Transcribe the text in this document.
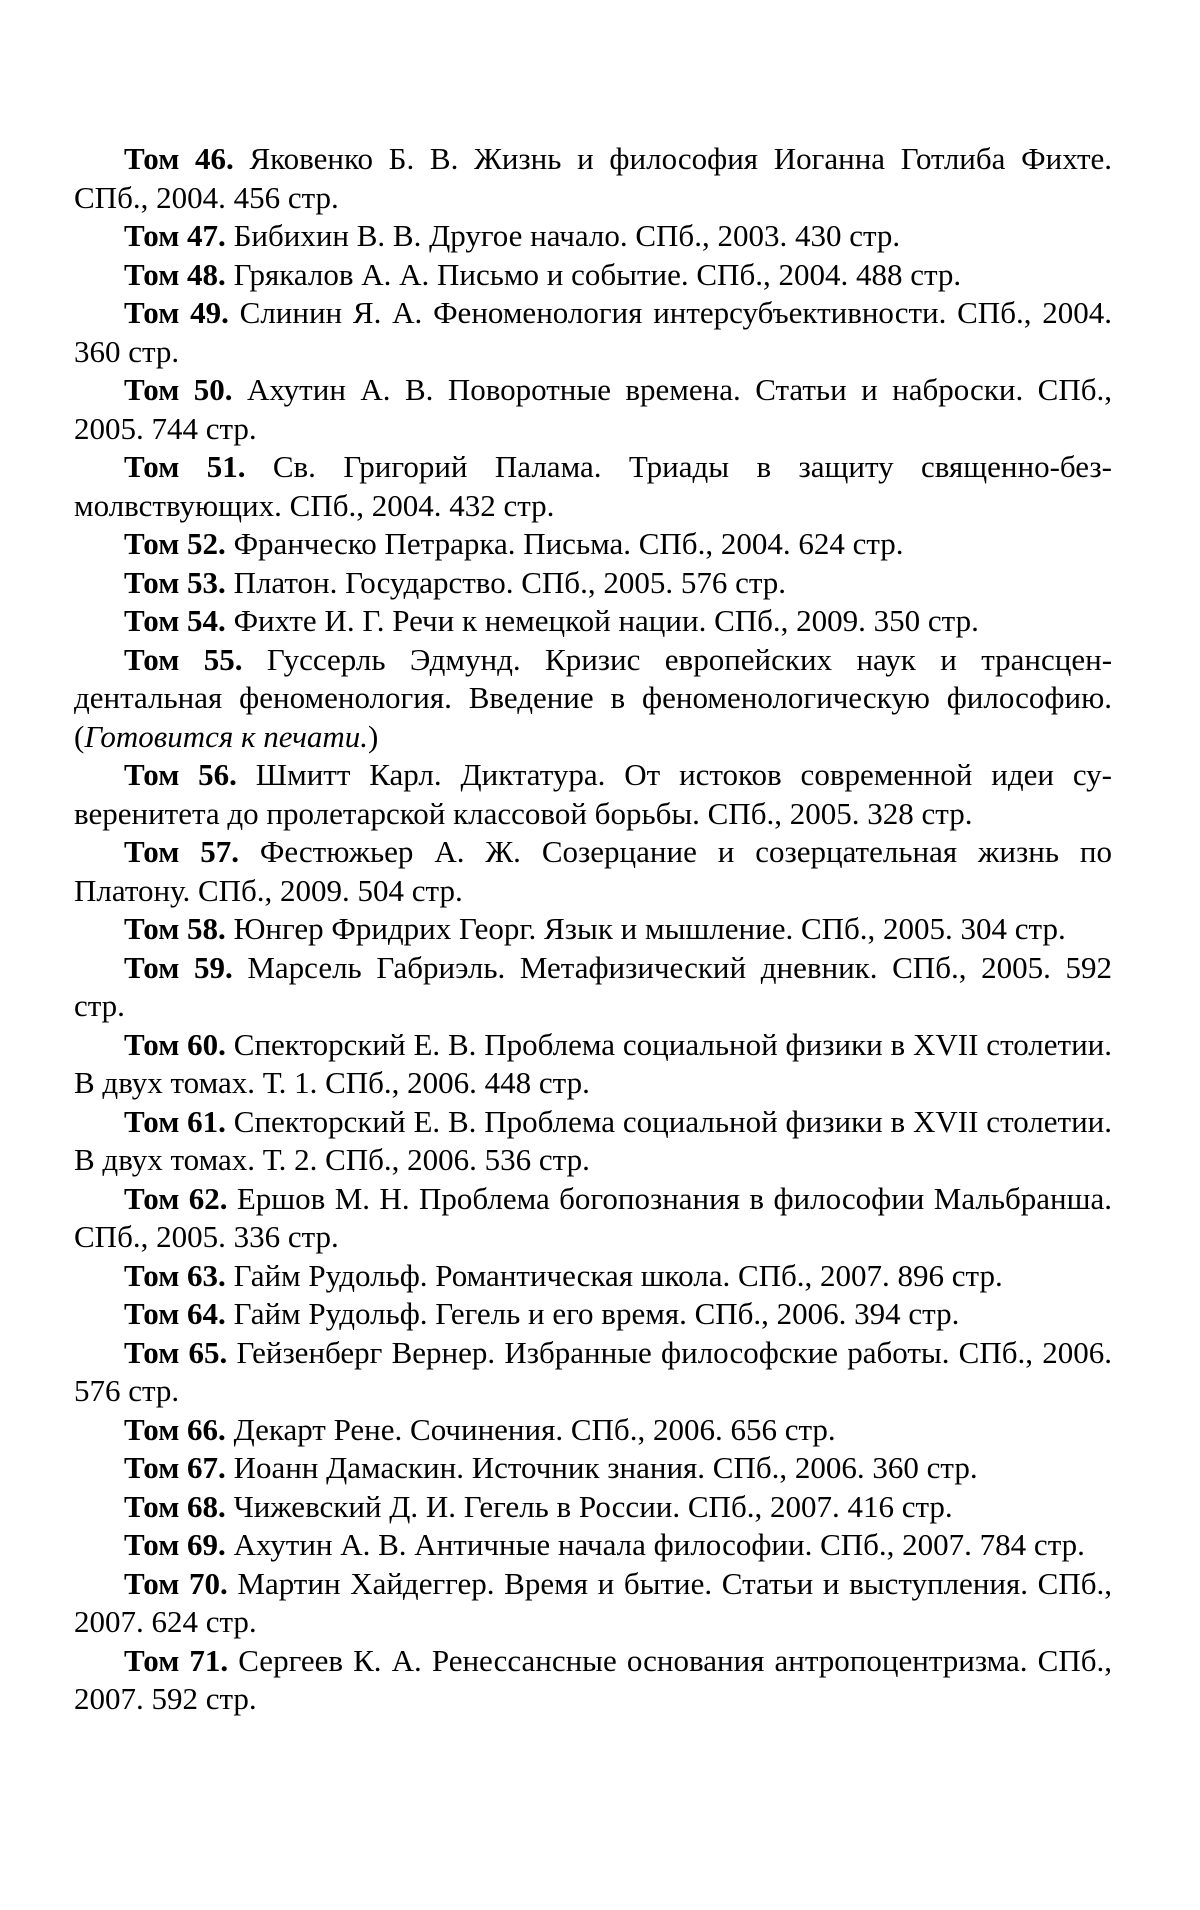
Том 46. Яковенко Б. В. Жизнь и философия Иоганна Готлиба Фихте. СПб., 2004. 456 стр.

Том 47. Бибихин В. В. Другое начало. СПб., 2003. 430 стр.

Том 48. Грякалов А. А. Письмо и событие. СПб., 2004. 488 стр.

Том 49. Слинин Я. А. Феноменология интерсубъективности. СПб., 2004. 360 стр.

Том 50. Ахутин А. В. Поворотные времена. Статьи и наброски. СПб., 2005. 744 стр.

Том 51. Св. Григорий Палама. Триады в защиту священно-безмолвствующих. СПб., 2004. 432 стр.

Том 52. Франческо Петрарка. Письма. СПб., 2004. 624 стр.

Том 53. Платон. Государство. СПб., 2005. 576 стр.

Том 54. Фихте И. Г. Речи к немецкой нации. СПб., 2009. 350 стр.

Том 55. Гуссерль Эдмунд. Кризис европейских наук и трансцендентальная феноменология. Введение в феноменологическую философию. (Готовится к печати.)

Том 56. Шмитт Карл. Диктатура. От истоков современной идеи суверенитета до пролетарской классовой борьбы. СПб., 2005. 328 стр.

Том 57. Фестюжьер А. Ж. Созерцание и созерцательная жизнь по Платону. СПб., 2009. 504 стр.

Том 58. Юнгер Фридрих Георг. Язык и мышление. СПб., 2005. 304 стр.

Том 59. Марсель Габриэль. Метафизический дневник. СПб., 2005. 592 стр.

Том 60. Спекторский Е. В. Проблема социальной физики в XVII столетии. В двух томах. Т. 1. СПб., 2006. 448 стр.

Том 61. Спекторский Е. В. Проблема социальной физики в XVII столетии. В двух томах. Т. 2. СПб., 2006. 536 стр.

Том 62. Ершов М. Н. Проблема богопознания в философии Мальбранша. СПб., 2005. 336 стр.

Том 63. Гайм Рудольф. Романтическая школа. СПб., 2007. 896 стр.

Том 64. Гайм Рудольф. Гегель и его время. СПб., 2006. 394 стр.

Том 65. Гейзенберг Вернер. Избранные философские работы. СПб., 2006. 576 стр.

Том 66. Декарт Рене. Сочинения. СПб., 2006. 656 стр.

Том 67. Иоанн Дамаскин. Источник знания. СПб., 2006. 360 стр.

Том 68. Чижевский Д. И. Гегель в России. СПб., 2007. 416 стр.

Том 69. Ахутин А. В. Античные начала философии. СПб., 2007. 784 стр.

Том 70. Мартин Хайдеггер. Время и бытие. Статьи и выступления. СПб., 2007. 624 стр.

Том 71. Сергеев К. А. Ренессансные основания антропоцентризма. СПб., 2007. 592 стр.
